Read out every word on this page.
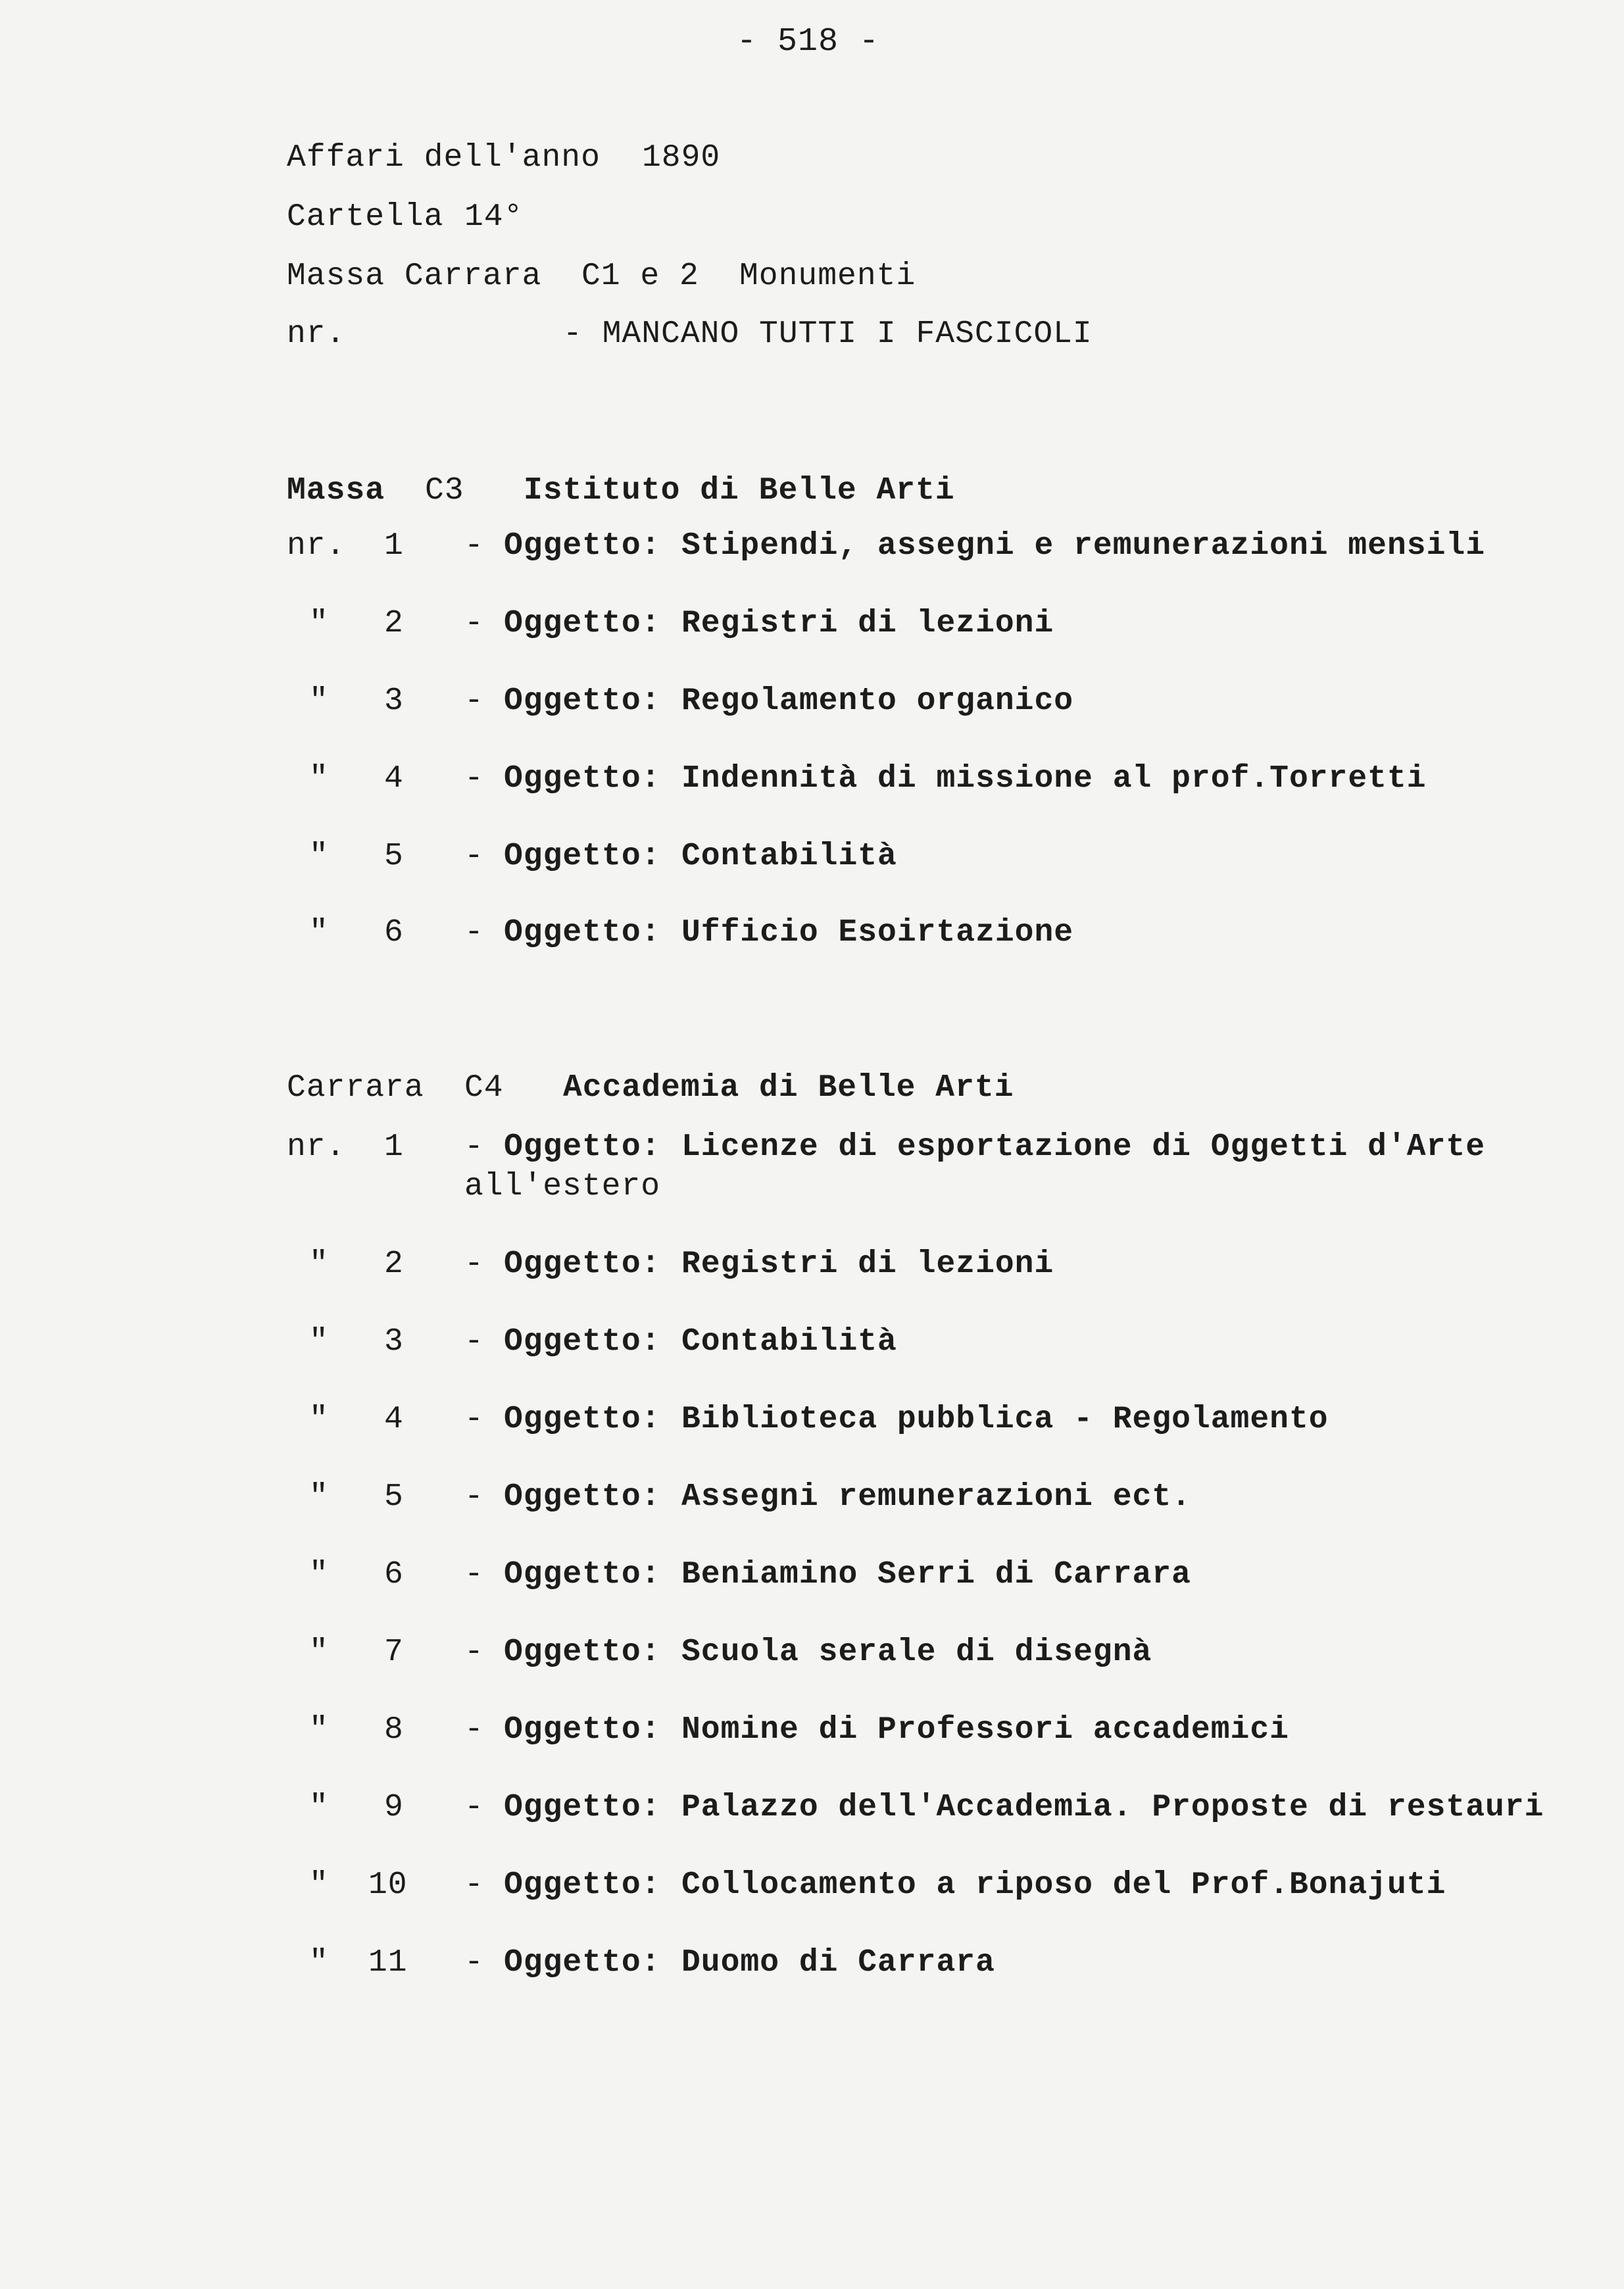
- 518 -
Affari dell'anno 1890
Cartella 14°
Massa Carrara C1 e 2 Monumenti
nr.	- MANCANO TUTTI I FASCICOLI
Massa C3 Istituto di Belle Arti
nr. 1 - Oggetto: Stipendi, assegni e remunerazioni mensili
" 2 - Oggetto: Registri di lezioni
" 3 - Oggetto: Regolamento organico
" 4 - Oggetto: Indennità di missione al prof.Torretti
" 5 - Oggetto: Contabilità
" 6 - Oggetto: Ufficio Esoirtazione
Carrara C4 Accademia di Belle Arti
nr. 1 - Oggetto: Licenze di esportazione di Oggetti d'Arte
all'estero
" 2 - Oggetto: Registri di lezioni
" 3 - Oggetto: Contabilità
" 4 - Oggetto: Biblioteca pubblica - Regolamento
" 5 - Oggetto: Assegni remunerazioni ect.
" 6 - Oggetto: Beniamino Serri di Carrara
" 7 - Oggetto: Scuola serale di disegnà
" 8 - Oggetto: Nomine di Professori accademici
" 9 - Oggetto: Palazzo dell'Accademia. Proposte di restauri
" 10 - Oggetto: Collocamento a riposo del Prof.Bonajuti
" 11 - Oggetto: Duomo di Carrara
